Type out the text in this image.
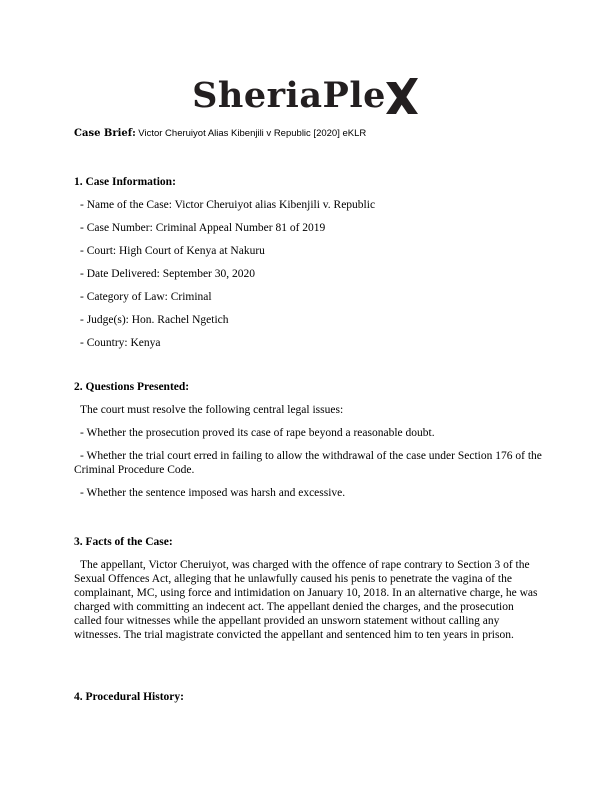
SheriaPle
Case Brief: Victor Cheruiyot Alias Kibenjili v Republic [2020] eKLR
1. Case Information:
- Name of the Case: Victor Cheruiyot alias Kibenjili v. Republic
- Case Number: Criminal Appeal Number 81 of 2019
- Court: High Court of Kenya at Nakuru
- Date Delivered: September 30, 2020
- Category of Law: Criminal
- Judge(s): Hon. Rachel Ngetich
- Country: Kenya
2. Questions Presented:
The court must resolve the following central legal issues:
- Whether the prosecution proved its case of rape beyond a reasonable doubt.
- Whether the trial court erred in failing to allow the withdrawal of the case under Section 176 of the Criminal Procedure Code.
- Whether the sentence imposed was harsh and excessive.
3. Facts of the Case:
The appellant, Victor Cheruiyot, was charged with the offence of rape contrary to Section 3 of the Sexual Offences Act, alleging that he unlawfully caused his penis to penetrate the vagina of the complainant, MC, using force and intimidation on January 10, 2018. In an alternative charge, he was charged with committing an indecent act. The appellant denied the charges, and the prosecution called four witnesses while the appellant provided an unsworn statement without calling any witnesses. The trial magistrate convicted the appellant and sentenced him to ten years in prison.
4. Procedural History:
